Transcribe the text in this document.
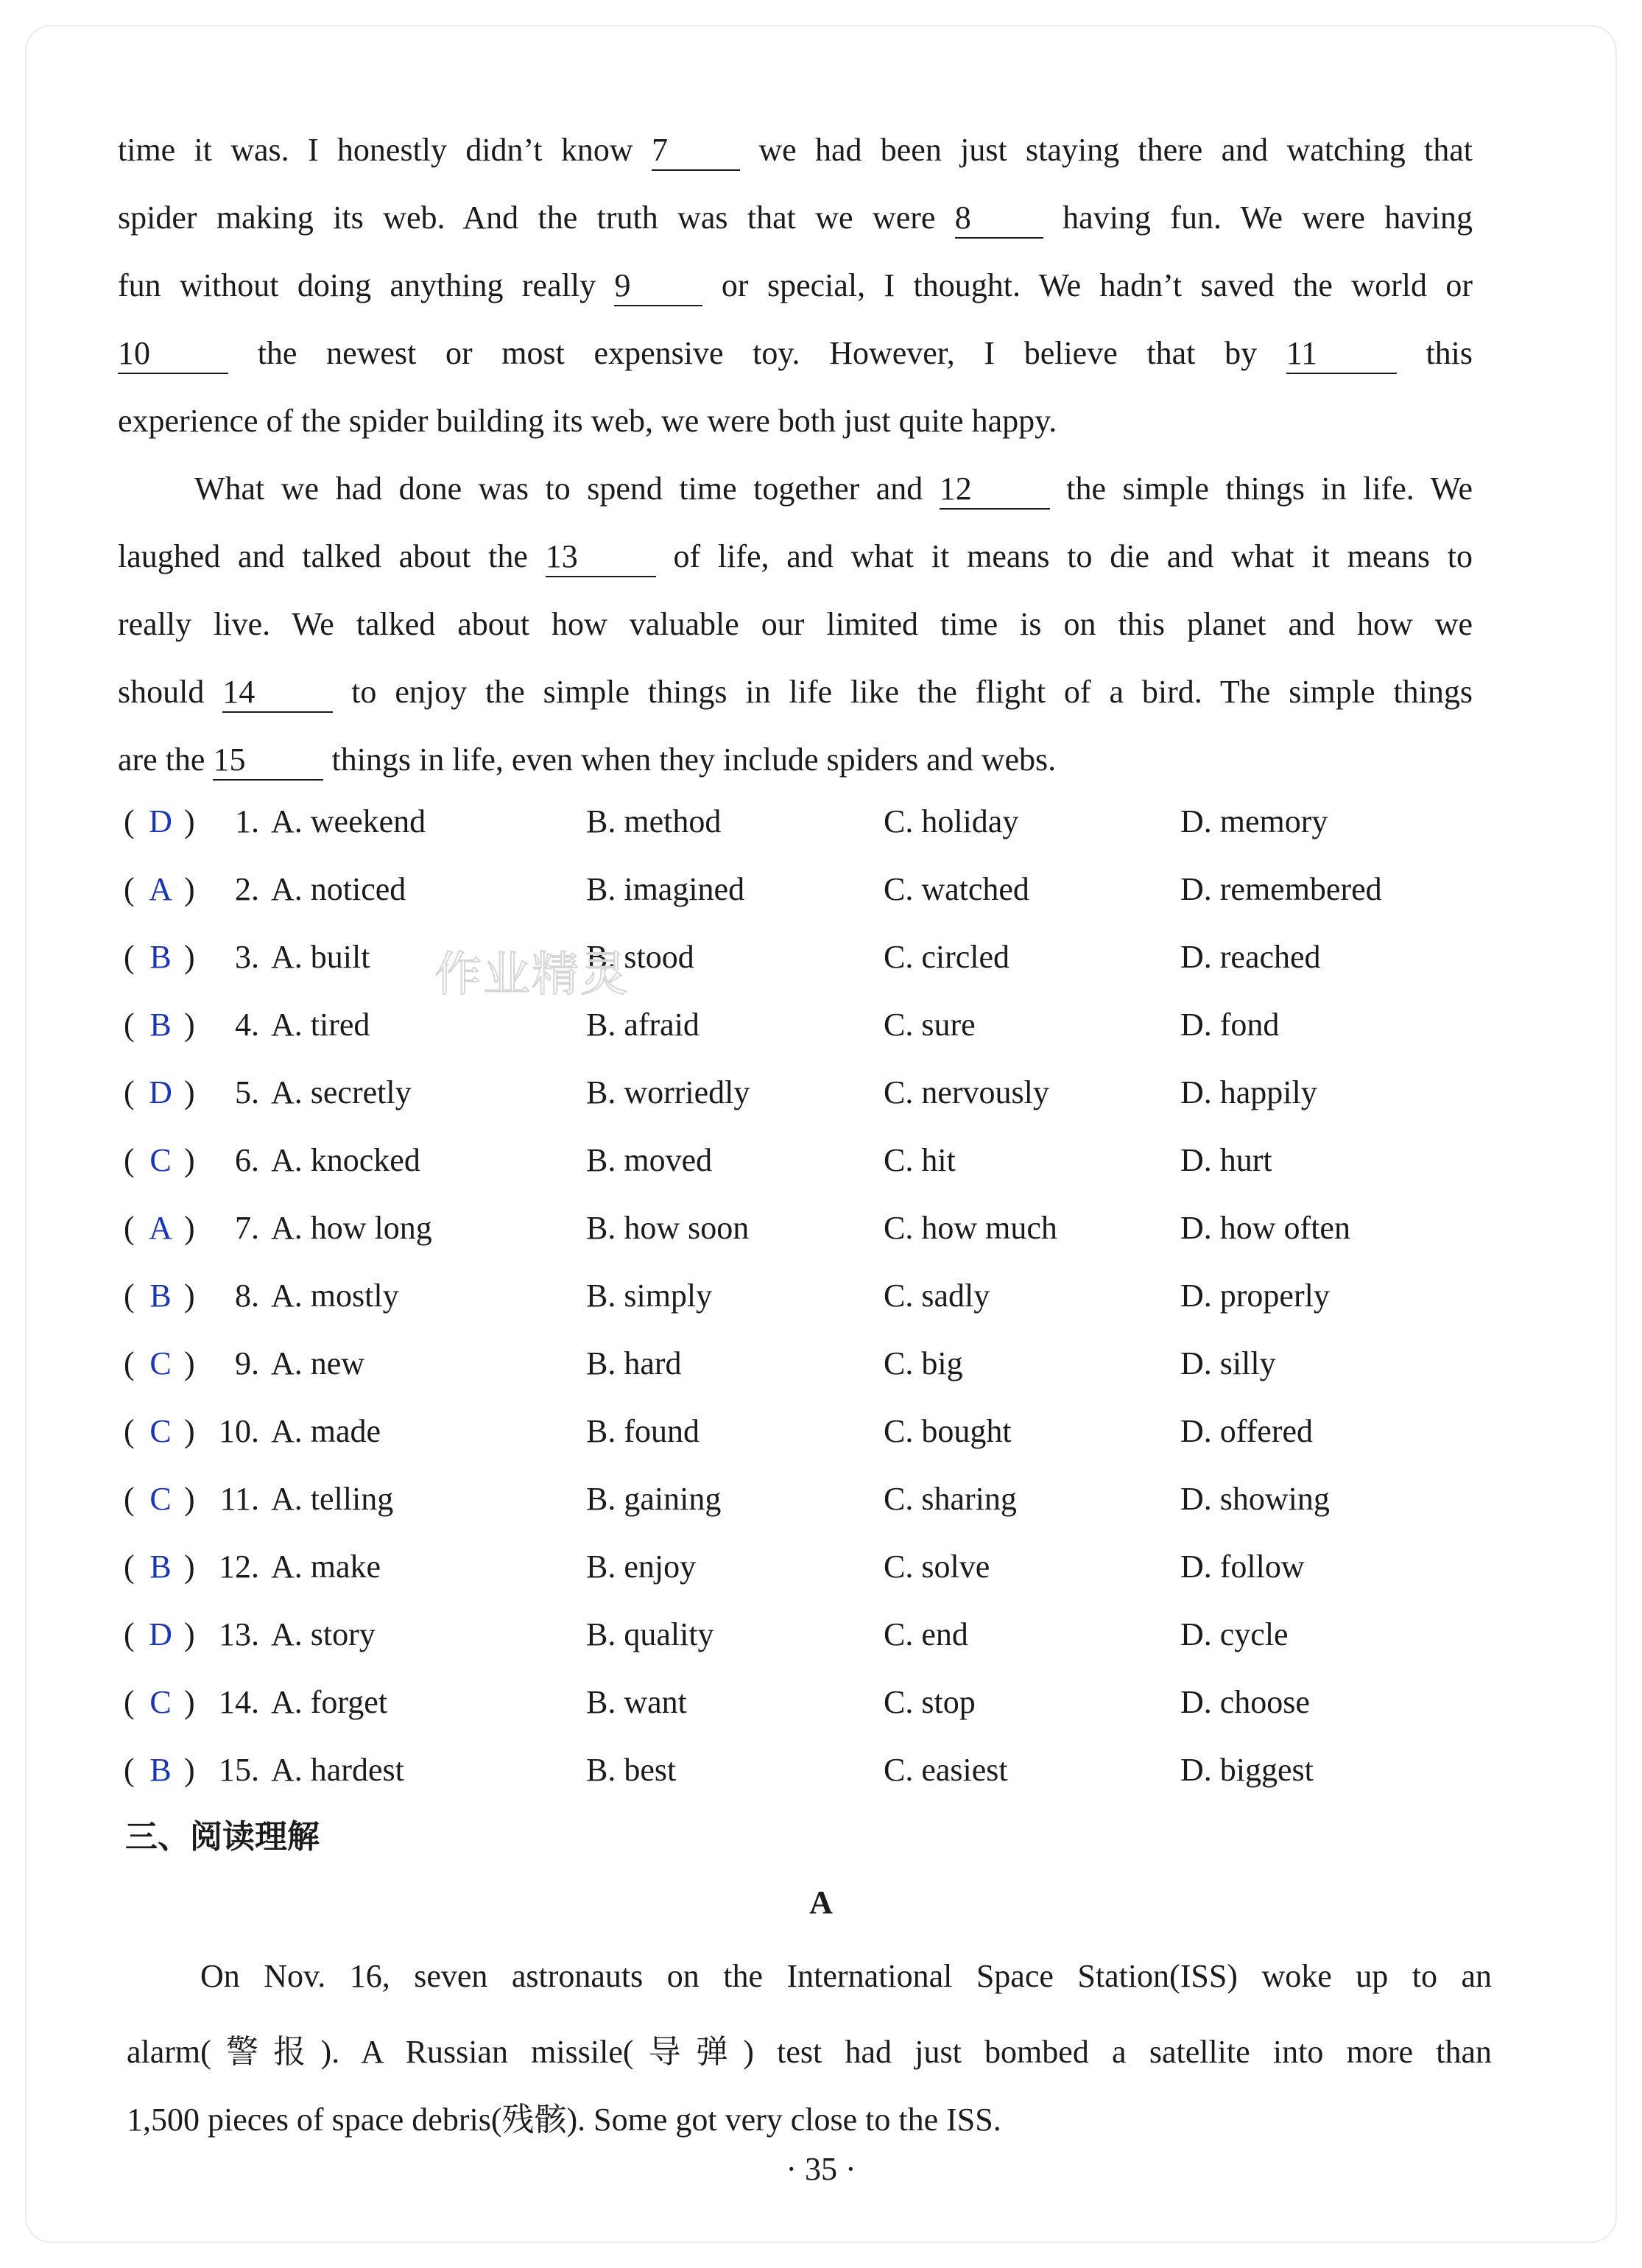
time it was. I honestly didn’t know 7	we had been just staying there and watching that

spider making its web. And the truth was that we were 8	having fun. We were having

fun without doing anything really 9	or special, I thought. We hadn’t saved the world or

10	the newest or most expensive toy. However, I believe that by 11	this

experience of the spider building its web, we were both just quite happy.

What we had done was to spend time together and 12	the simple things in life. We

laughed and talked about the 13	of life, and what it means to die and what it means to

really live. We talked about how valuable our limited time is on this planet and how we

should 14	to enjoy the simple things in life like the flight of a bird. The simple things

are the 15	things in life, even when they include spiders and webs.

( D )	1. A. weekend	B. method	C. holiday	D. memory
( A )	2. A. noticed	B. imagined	C. watched	D. remembered
( B )	3. A. built	B. stood	C. circled	D. reached
( B )	4. A. tired	B. afraid	C. sure	D. fond
( D )	5. A. secretly	B. worriedly	C. nervously	D. happily
( C )	6. A. knocked	B. moved	C. hit	D. hurt
( A )	7. A. how long	B. how soon	C. how much	D. how often
( B )	8. A. mostly	B. simply	C. sadly	D. properly
( C )	9. A. new	B. hard	C. big	D. silly
( C ) 10. A. made	B. found	C. bought	D. offered
( C ) 11. A. telling	B. gaining	C. sharing	D. showing
( B ) 12. A. make	B. enjoy	C. solve	D. follow
( D ) 13. A. story	B. quality	C. end	D. cycle
( C ) 14. A. forget	B. want	C. stop	D. choose
( B ) 15. A. hardest	B. best	C. easiest	D. biggest
作业精灵
三、阅读理解
A

On Nov. 16, seven astronauts on the International Space Station(ISS) woke up to an

alarm(警报). A Russian missile(导弹) test had just bombed a satellite into more than

1,500 pieces of space debris(残骸). Some got very close to the ISS.

· 35 ·
